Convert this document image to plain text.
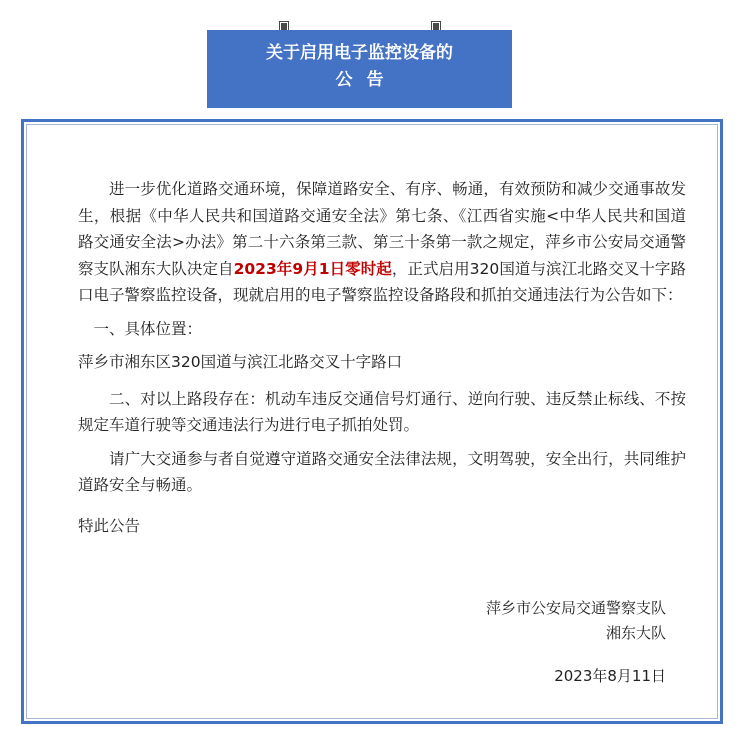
关于启用电子监控设备的
公告

进一步优化道路交通环境，保障道路安全、有序、畅通，有效预防和减少交通事故发生，根据《中华人民共和国道路交通安全法》第七条、《江西省实施<中华人民共和国道路交通安全法>办法》第二十六条第三款、第三十条第一款之规定，萍乡市公安局交通警察支队湘东大队决定自2023年9月1日零时起，正式启用320国道与滨江北路交叉十字路口电子警察监控设备，现就启用的电子警察监控设备路段和抓拍交通违法行为公告如下：

一、具体位置：

萍乡市湘东区320国道与滨江北路交叉十字路口

二、对以上路段存在：机动车违反交通信号灯通行、逆向行驶、违反禁止标线、不按规定车道行驶等交通违法行为进行电子抓拍处罚。

请广大交通参与者自觉遵守道路交通安全法律法规，文明驾驶，安全出行，共同维护道路安全与畅通。

特此公告

萍乡市公安局交通警察支队
湘东大队
2023年8月11日
